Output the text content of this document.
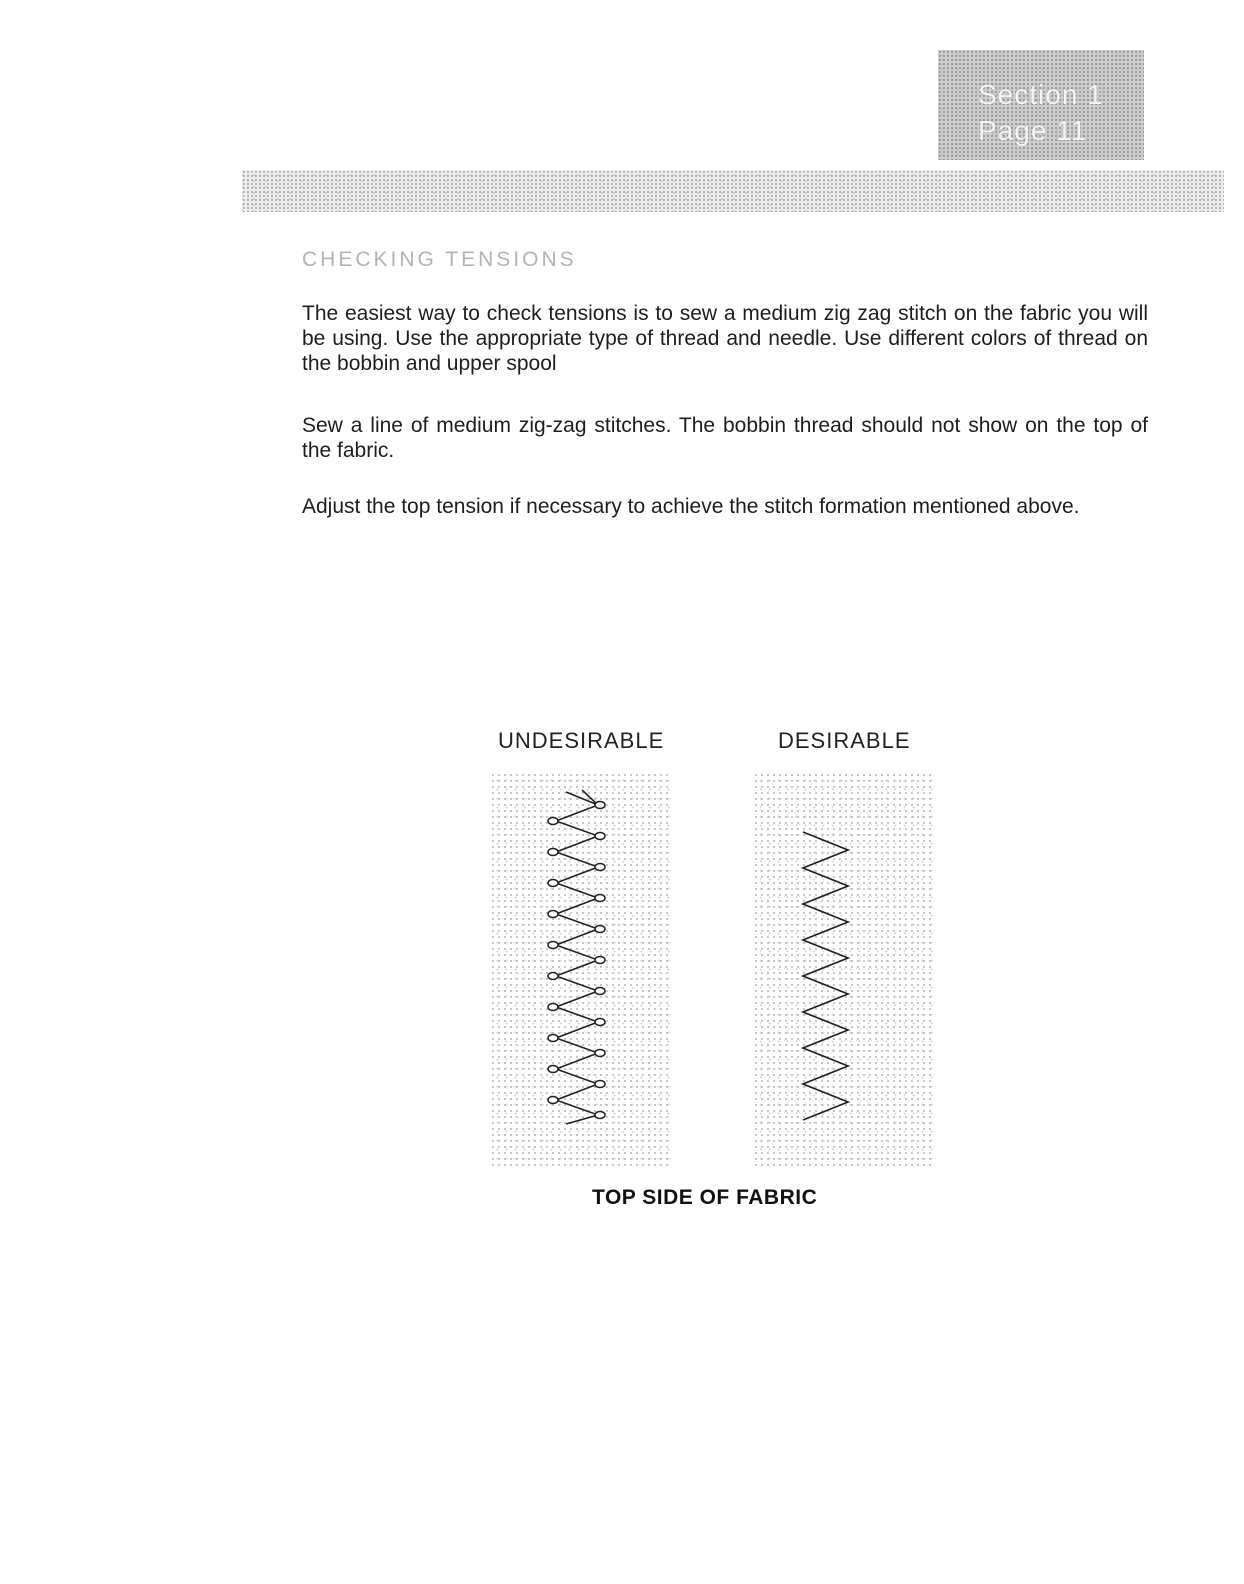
Section 1
Page 11
CHECKING TENSIONS

The easiest way to check tensions is to sew a medium zig zag stitch on the fabric you will be using. Use the appropriate type of thread and needle. Use different colors of thread on the bobbin and upper spool

Sew a line of medium zig-zag stitches. The bobbin thread should not show on the top of the fabric.

Adjust the top tension if necessary to achieve the stitch formation mentioned above.

UNDESIRABLE	DESIRABLE
TOP SIDE OF FABRIC
